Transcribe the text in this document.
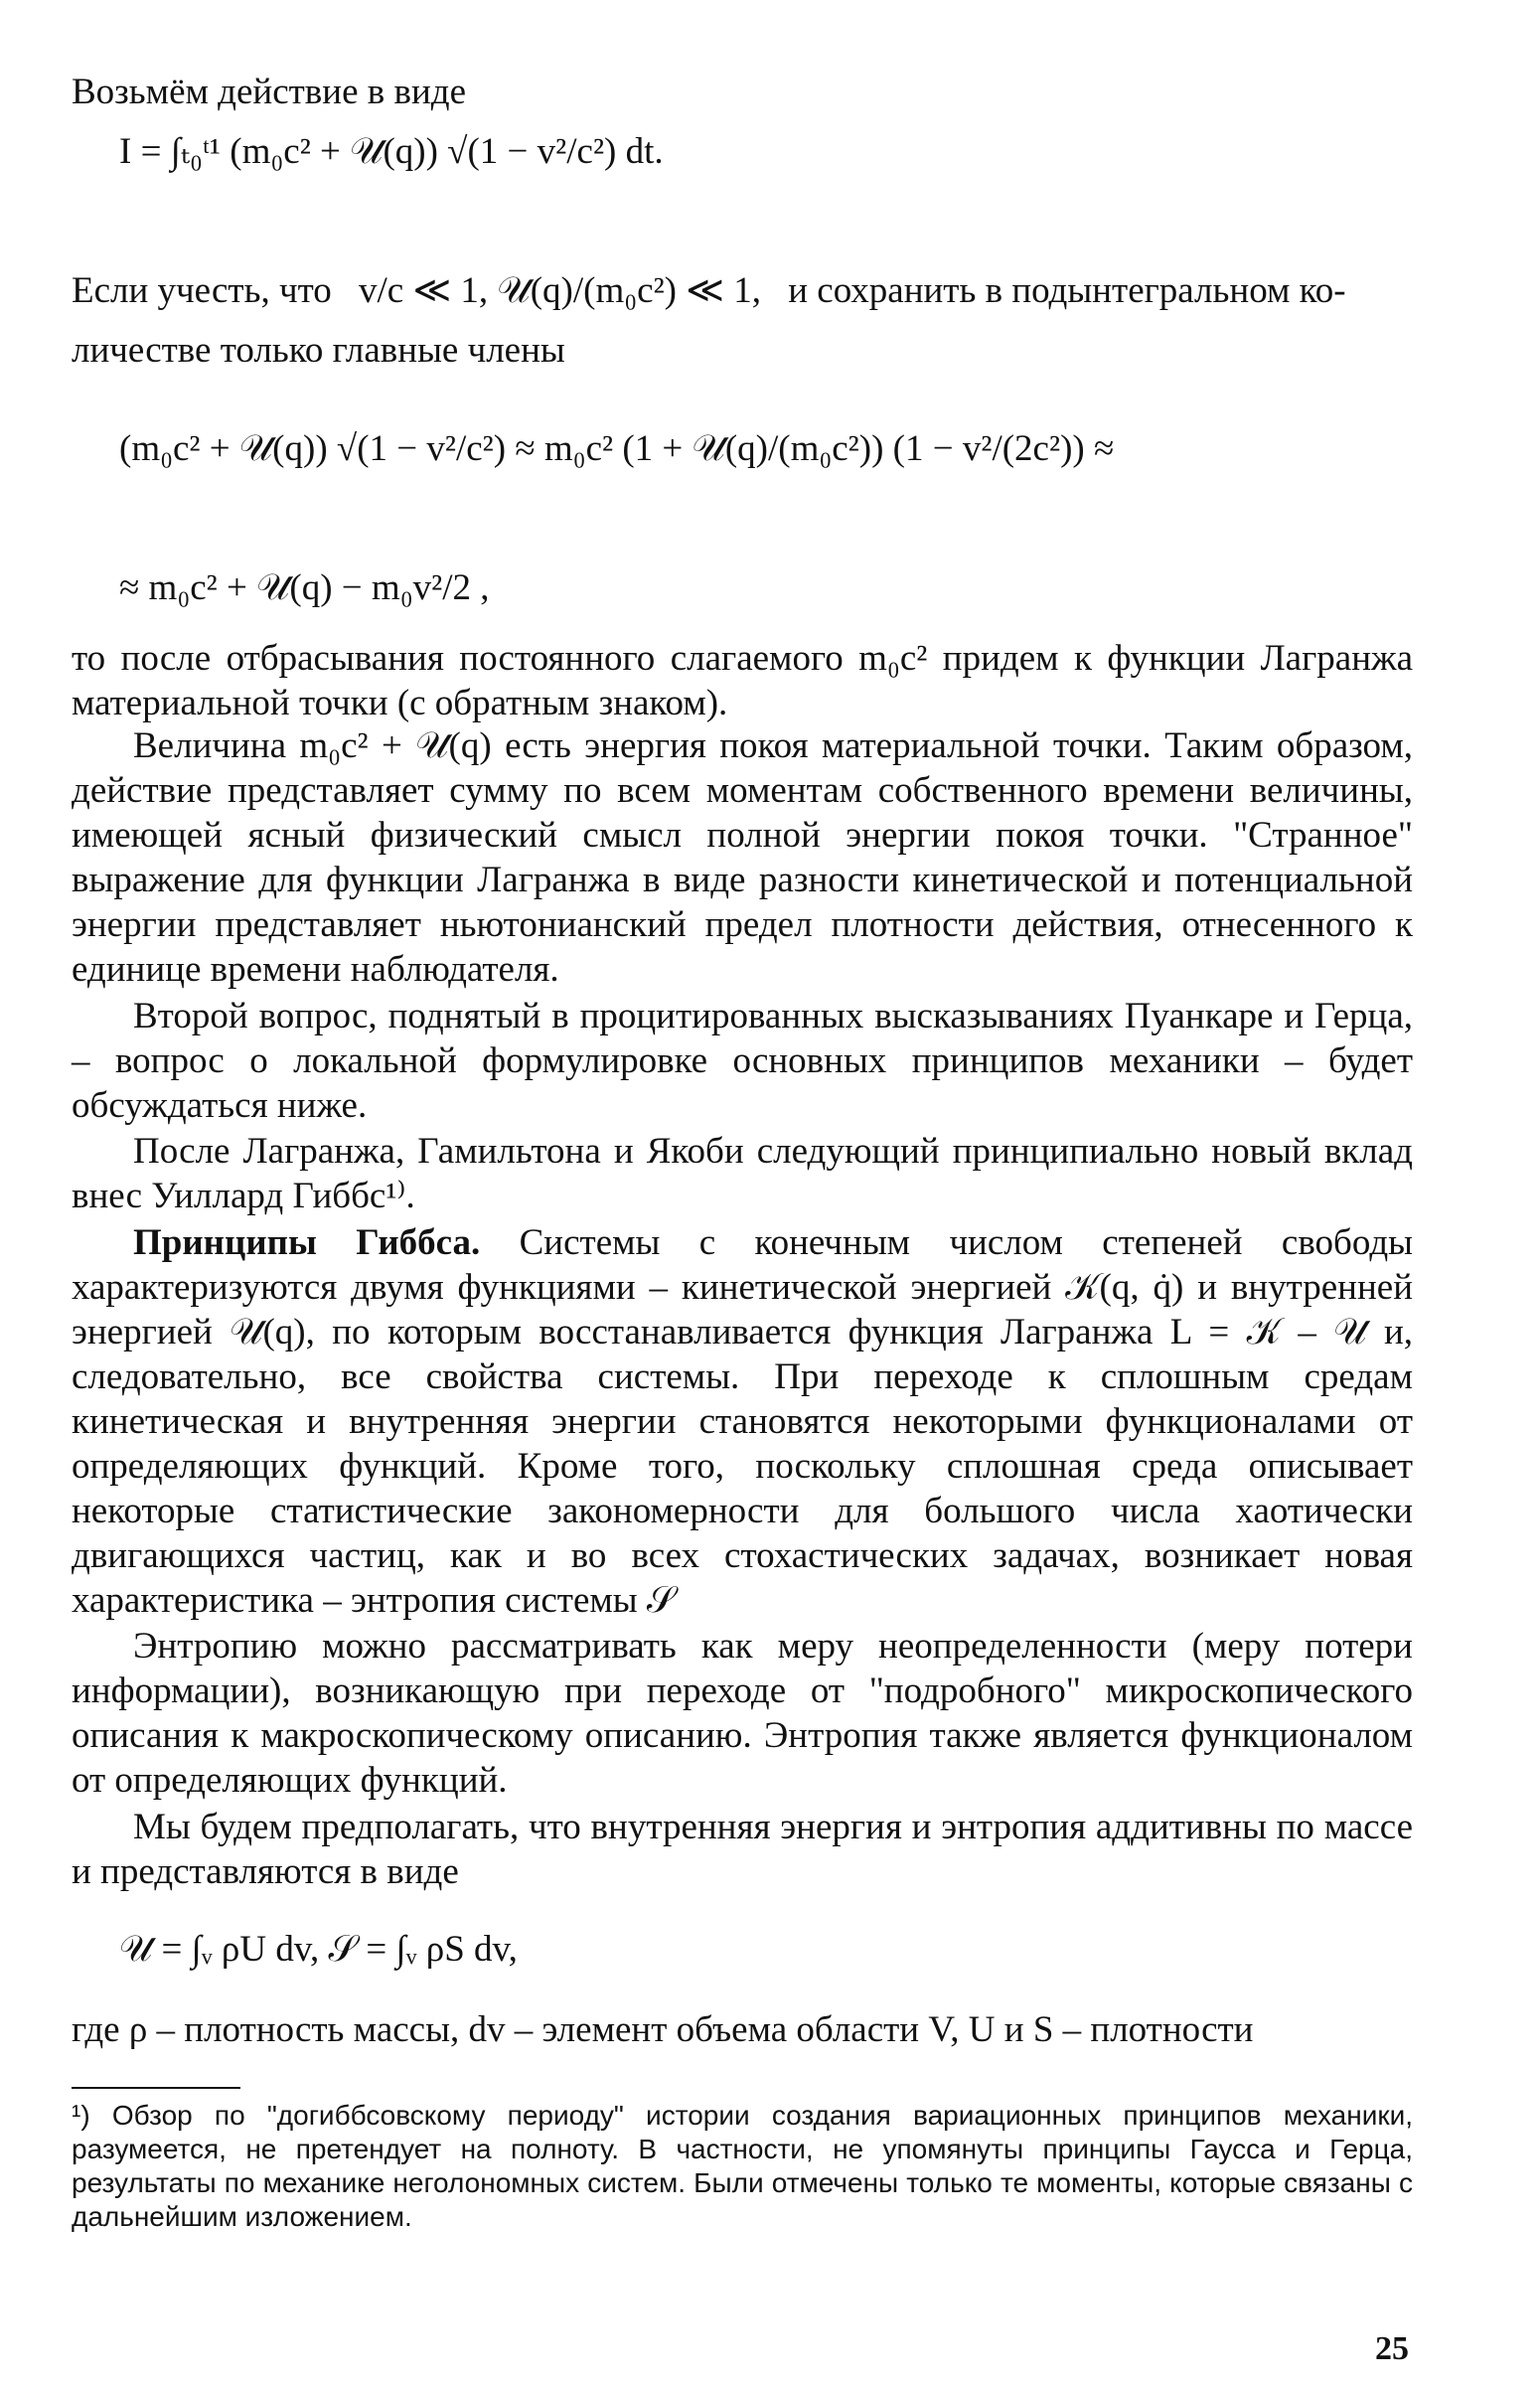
Возьмём действие в виде

I = ∫ₜ₀ᵗ¹ (m₀c² + 𝒰(q)) √(1 − v²/c²) dt.

Если учесть, что v/c ≪ 1, 𝒰(q)/(m₀c²) ≪ 1, и сохранить в подынтегральном ко-

личестве только главные члены

(m₀c² + 𝒰(q)) √(1 − v²/c²) ≈ m₀c² (1 + 𝒰(q)/(m₀c²)) (1 − v²/(2c²)) ≈
≈ m₀c² + 𝒰(q) − m₀v²/2 ,

то после отбрасывания постоянного слагаемого m₀c² придем к функции Лагранжа материальной точки (с обратным знаком).

Величина m₀c² + 𝒰(q) есть энергия покоя материальной точки. Таким образом, действие представляет сумму по всем моментам собственного времени величины, имеющей ясный физический смысл полной энергии покоя точки. "Странное" выражение для функции Лагранжа в виде разности кинетической и потенциальной энергии представляет ньютонианский предел плотности действия, отнесенного к единице времени наблюдателя.

Второй вопрос, поднятый в процитированных высказываниях Пуанкаре и Герца, – вопрос о локальной формулировке основных принципов механики – будет обсуждаться ниже.

После Лагранжа, Гамильтона и Якоби следующий принципиально новый вклад внес Уиллард Гиббс¹⁾.

Принципы Гиббса. Системы с конечным числом степеней свободы характеризуются двумя функциями – кинетической энергией 𝒦(q, q̇) и внутренней энергией 𝒰(q), по которым восстанавливается функция Лагранжа L = 𝒦 – 𝒰 и, следовательно, все свойства системы. При переходе к сплошным средам кинетическая и внутренняя энергии становятся некоторыми функционалами от определяющих функций. Кроме того, поскольку сплошная среда описывает некоторые статистические закономерности для большого числа хаотически двигающихся частиц, как и во всех стохастических задачах, возникает новая характеристика – энтропия системы 𝒮

Энтропию можно рассматривать как меру неопределенности (меру потери информации), возникающую при переходе от "подробного" микроскопического описания к макроскопическому описанию. Энтропия также является функционалом от определяющих функций.

Мы будем предполагать, что внутренняя энергия и энтропия аддитивны по массе и представляются в виде

𝒰 = ∫ᵥ ρU dv, 𝒮 = ∫ᵥ ρS dv,

где ρ – плотность массы, dv – элемент объема области V, U и S – плотности

¹) Обзор по "догиббсовскому периоду" истории создания вариационных принципов механики, разумеется, не претендует на полноту. В частности, не упомянуты принципы Гаусса и Герца, результаты по механике неголономных систем. Были отмечены только те моменты, которые связаны с дальнейшим изложением.

25
